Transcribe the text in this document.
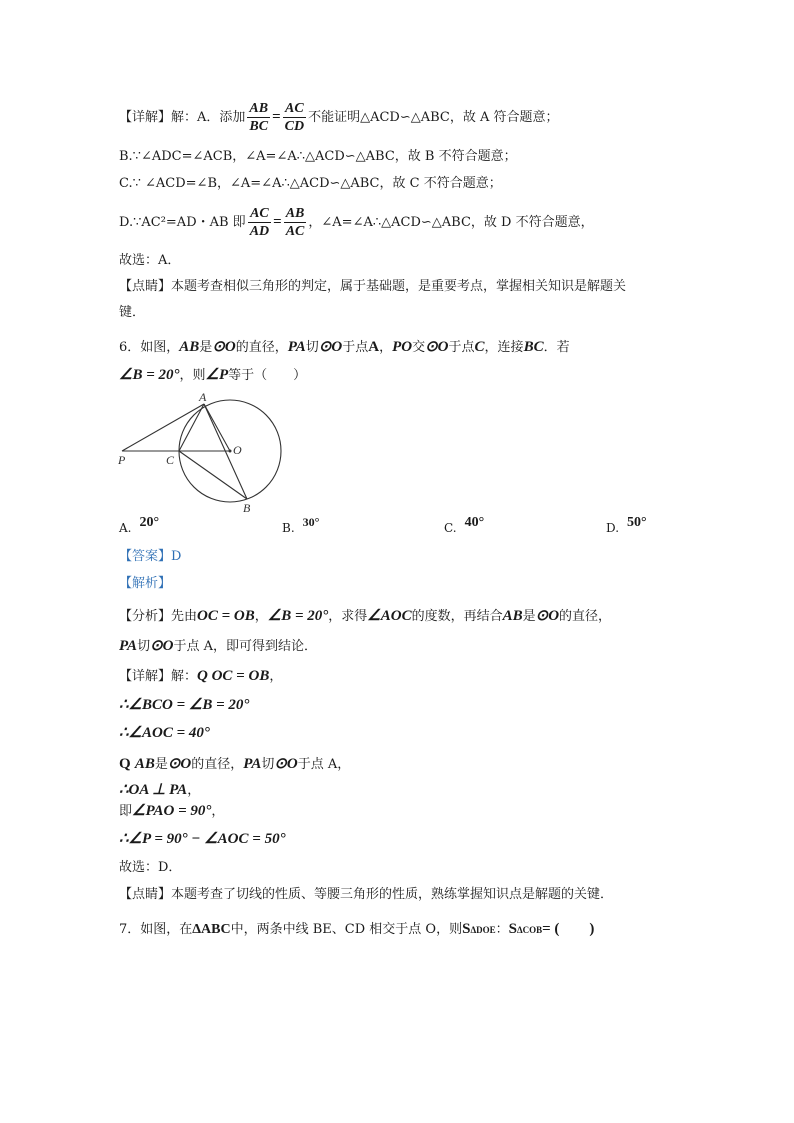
【详解】解：A．添加 $\frac{AB}{BC} = \frac{AC}{CD}$ 不能证明△ACD∽△ABC，故 A 符合题意；
B.∵∠ADC=∠ACB，∠A=∠A∴△ACD∽△ABC，故 B 不符合题意；
C.∵ ∠ACD=∠B，∠A=∠A∴△ACD∽△ABC，故 C 不符合题意；
D.∵AC²=AD・AB 即 $\frac{AC}{AD} = \frac{AB}{AC}$ ，∠A=∠A∴△ACD∽△ABC，故 D 不符合题意，
故选：A．
【点睛】本题考查相似三角形的判定，属于基础题，是重要考点，掌握相关知识是解题关
键．
6．如图，AB是⊙O的直径，PA切⊙O于点A，PO交⊙O于点C，连接BC．若
∠B = 20°，则∠P等于（　　）
A
P	C
O
B
A. 20°	B. 30°	C. 40°	D. 50°
【答案】D
【解析】
【分析】先由OC = OB，∠B = 20°，求得∠AOC的度数，再结合AB是⊙O的直径，
PA切⊙O于点 A，即可得到结论．
【详解】解：Q OC = OB，
∴∠BCO = ∠B = 20°
∴∠AOC = 40°
Q AB是⊙O的直径，PA切⊙O于点 A，
∴OA ⊥ PA，
即∠PAO = 90°，
∴∠P = 90° − ∠AOC = 50°
故选：D．
【点睛】本题考查了切线的性质、等腰三角形的性质，熟练掌握知识点是解题的关键．
7．如图，在ΔABC中，两条中线 BE、CD 相交于点 O，则SΔDOE：SΔCOB= (　　)
